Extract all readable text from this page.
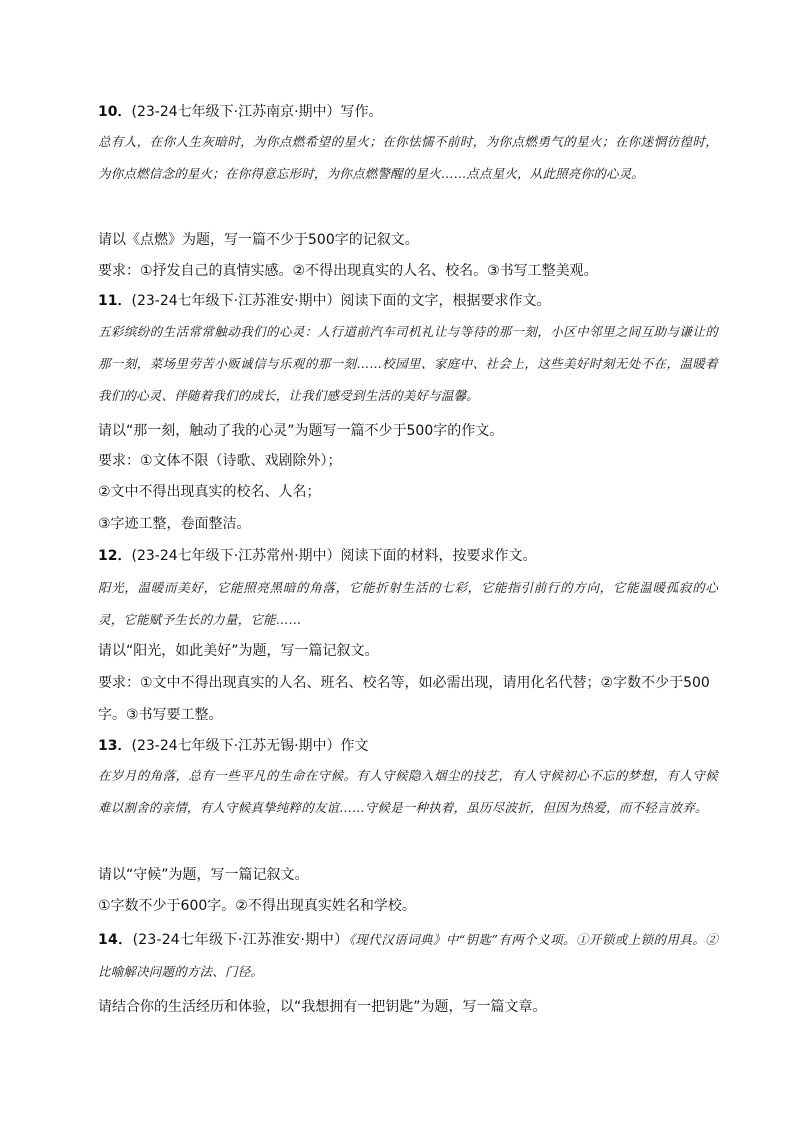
10．(23-24七年级下·江苏南京·期中）写作。
总有人，在你人生灰暗时，为你点燃希望的星火；在你怯懦不前时，为你点燃勇气的星火；在你迷惘彷徨时，为你点燃信念的星火；在你得意忘形时，为你点燃警醒的星火……点点星火，从此照亮你的心灵。
请以《点燃》为题，写一篇不少于500字的记叙文。
要求：①抒发自己的真情实感。②不得出现真实的人名、校名。③书写工整美观。
11．(23-24七年级下·江苏淮安·期中）阅读下面的文字，根据要求作文。
五彩缤纷的生活常常触动我们的心灵：人行道前汽车司机礼让与等待的那一刻，小区中邻里之间互助与谦让的那一刻，菜场里劳苦小贩诚信与乐观的那一刻……校园里、家庭中、社会上，这些美好时刻无处不在，温暖着我们的心灵、伴随着我们的成长，让我们感受到生活的美好与温馨。
请以“那一刻，触动了我的心灵”为题写一篇不少于500字的作文。
要求：①文体不限（诗歌、戏剧除外）；
②文中不得出现真实的校名、人名；
③字迹工整，卷面整洁。
12．(23-24七年级下·江苏常州·期中）阅读下面的材料，按要求作文。
阳光，温暖而美好，它能照亮黑暗的角落，它能折射生活的七彩，它能指引前行的方向，它能温暖孤寂的心灵，它能赋予生长的力量，它能……
请以“阳光，如此美好”为题，写一篇记叙文。
要求：①文中不得出现真实的人名、班名、校名等，如必需出现，请用化名代替；②字数不少于500
字。③书写要工整。
13．(23-24七年级下·江苏无锡·期中）作文
在岁月的角落，总有一些平凡的生命在守候。有人守候隐入烟尘的技艺，有人守候初心不忘的梦想，有人守候难以割舍的亲情，有人守候真挚纯粹的友谊……守候是一种执着，虽历尽波折，但因为热爱，而不轻言放弃。
请以“守候”为题，写一篇记叙文。
①字数不少于600字。②不得出现真实姓名和学校。
14．(23-24七年级下·江苏淮安·期中）《现代汉语词典》中“钥匙”有两个义项。①开锁或上锁的用具。②比喻解决问题的方法、门径。
请结合你的生活经历和体验，以“我想拥有一把钥匙”为题，写一篇文章。
